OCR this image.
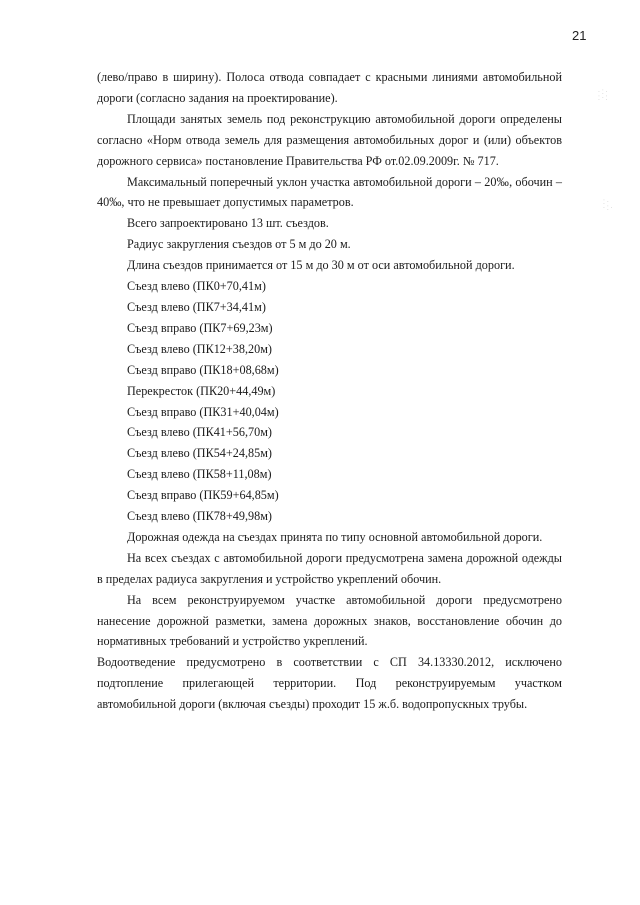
21
· ⁚ ·
⁚ · ⁚
⁚ ·
· ⁚ ·

(лево/право в ширину). Полоса отвода совпадает с красными линиями автомобильной дороги (согласно задания на проектирование).

Площади занятых земель под реконструкцию автомобильной дороги определены согласно «Норм отвода земель для размещения автомобильных дорог и (или) объектов дорожного сервиса» постановление Правительства РФ от.02.09.2009г. № 717.

Максимальный поперечный уклон участка автомобильной дороги – 20‰, обочин – 40‰, что не превышает допустимых параметров.

Всего запроектировано 13 шт. съездов.

Радиус закругления съездов от 5 м до 20 м.

Длина съездов принимается от 15 м до 30 м от оси автомобильной дороги.

Съезд влево (ПК0+70,41м)

Съезд влево (ПК7+34,41м)

Съезд вправо (ПК7+69,23м)

Съезд влево (ПК12+38,20м)

Съезд вправо (ПК18+08,68м)

Перекресток (ПК20+44,49м)

Съезд вправо (ПК31+40,04м)

Съезд влево (ПК41+56,70м)

Съезд влево (ПК54+24,85м)

Съезд влево (ПК58+11,08м)

Съезд вправо (ПК59+64,85м)

Съезд влево (ПК78+49,98м)

Дорожная одежда на съездах принята по типу основной автомобильной дороги.

На всех съездах с автомобильной дороги предусмотрена замена дорожной одежды в пределах радиуса закругления и устройство укреплений обочин.

На всем реконструируемом участке автомобильной дороги предусмотрено нанесение дорожной разметки, замена дорожных знаков, восстановление обочин до нормативных требований и устройство укреплений.

Водоотведение предусмотрено в соответствии с СП 34.13330.2012, исключено подтопление прилегающей территории. Под реконструируемым участком автомобильной дороги (включая съезды) проходит 15 ж.б. водопропускных трубы.
